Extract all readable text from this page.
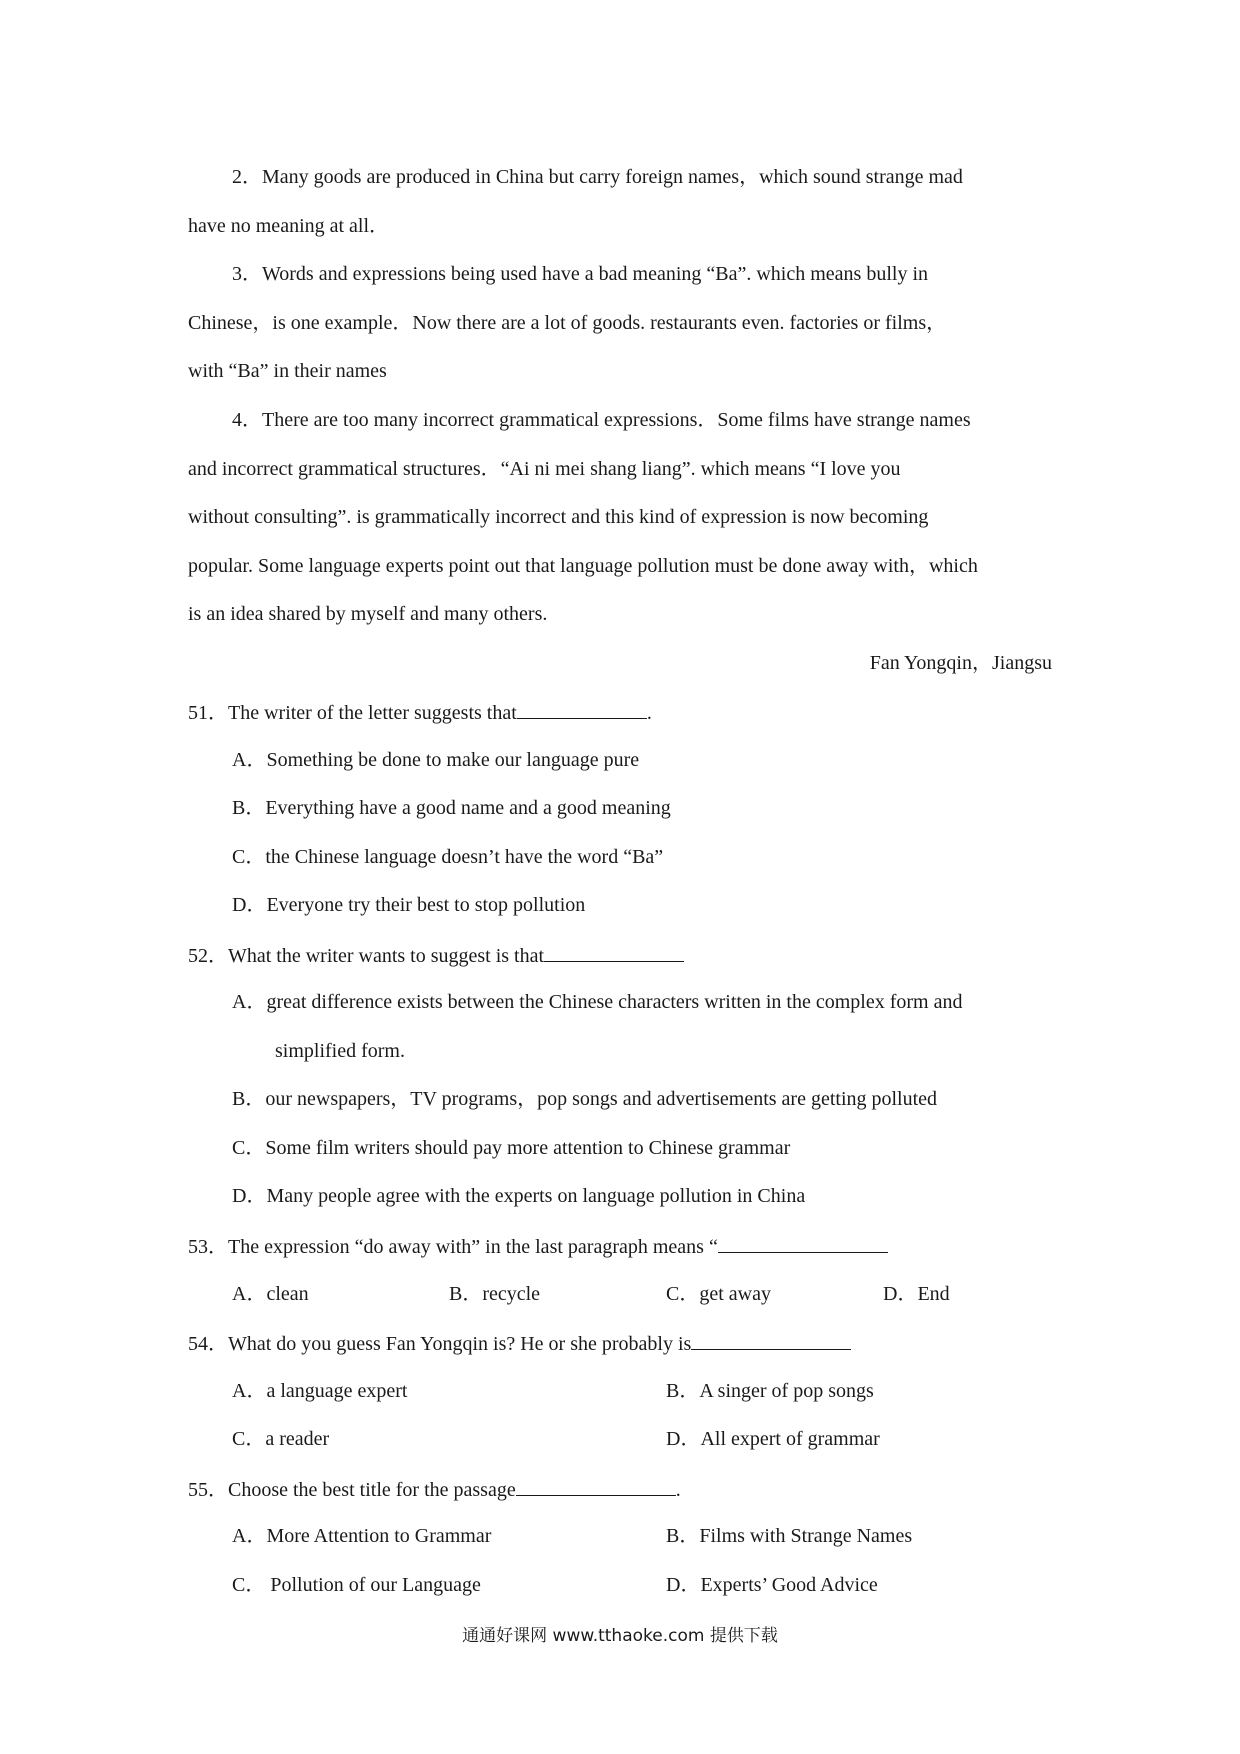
2．Many goods are produced in China but carry foreign names，which sound strange mad
have no meaning at all．
3．Words and expressions being used have a bad meaning “Ba”. which means bully in
Chinese，is one example．Now there are a lot of goods. restaurants even. factories or films，
with “Ba” in their names
4．There are too many incorrect grammatical expressions．Some films have strange names
and incorrect grammatical structures．“Ai ni mei shang liang”. which means “I love you
without consulting”. is grammatically incorrect and this kind of expression is now becoming
popular. Some language experts point out that language pollution must be done away with，which
is an idea shared by myself and many others.
Fan Yongqin，Jiangsu
51．The writer of the letter suggests that	.
A．Something be done to make our language pure
B．Everything have a good name and a good meaning
C．the Chinese language doesn’t have the word “Ba”
D．Everyone try their best to stop pollution
52．What the writer wants to suggest is that
A．great difference exists between the Chinese characters written in the complex form and
simplified form.
B．our newspapers，TV programs，pop songs and advertisements are getting polluted
C．Some film writers should pay more attention to Chinese grammar
D．Many people agree with the experts on language pollution in China
53．The expression “do away with” in the last paragraph means “
A．clean	B．recycle	C．get away	D．End
54．What do you guess Fan Yongqin is? He or she probably is
A．a language expert	B．A singer of pop songs
C．a reader	D．All expert of grammar
55．Choose the best title for the passage	.
A．More Attention to Grammar	B．Films with Strange Names
C． Pollution of our Language	D．Experts’ Good Advice
通通好课网 www.tthaoke.com 提供下载
